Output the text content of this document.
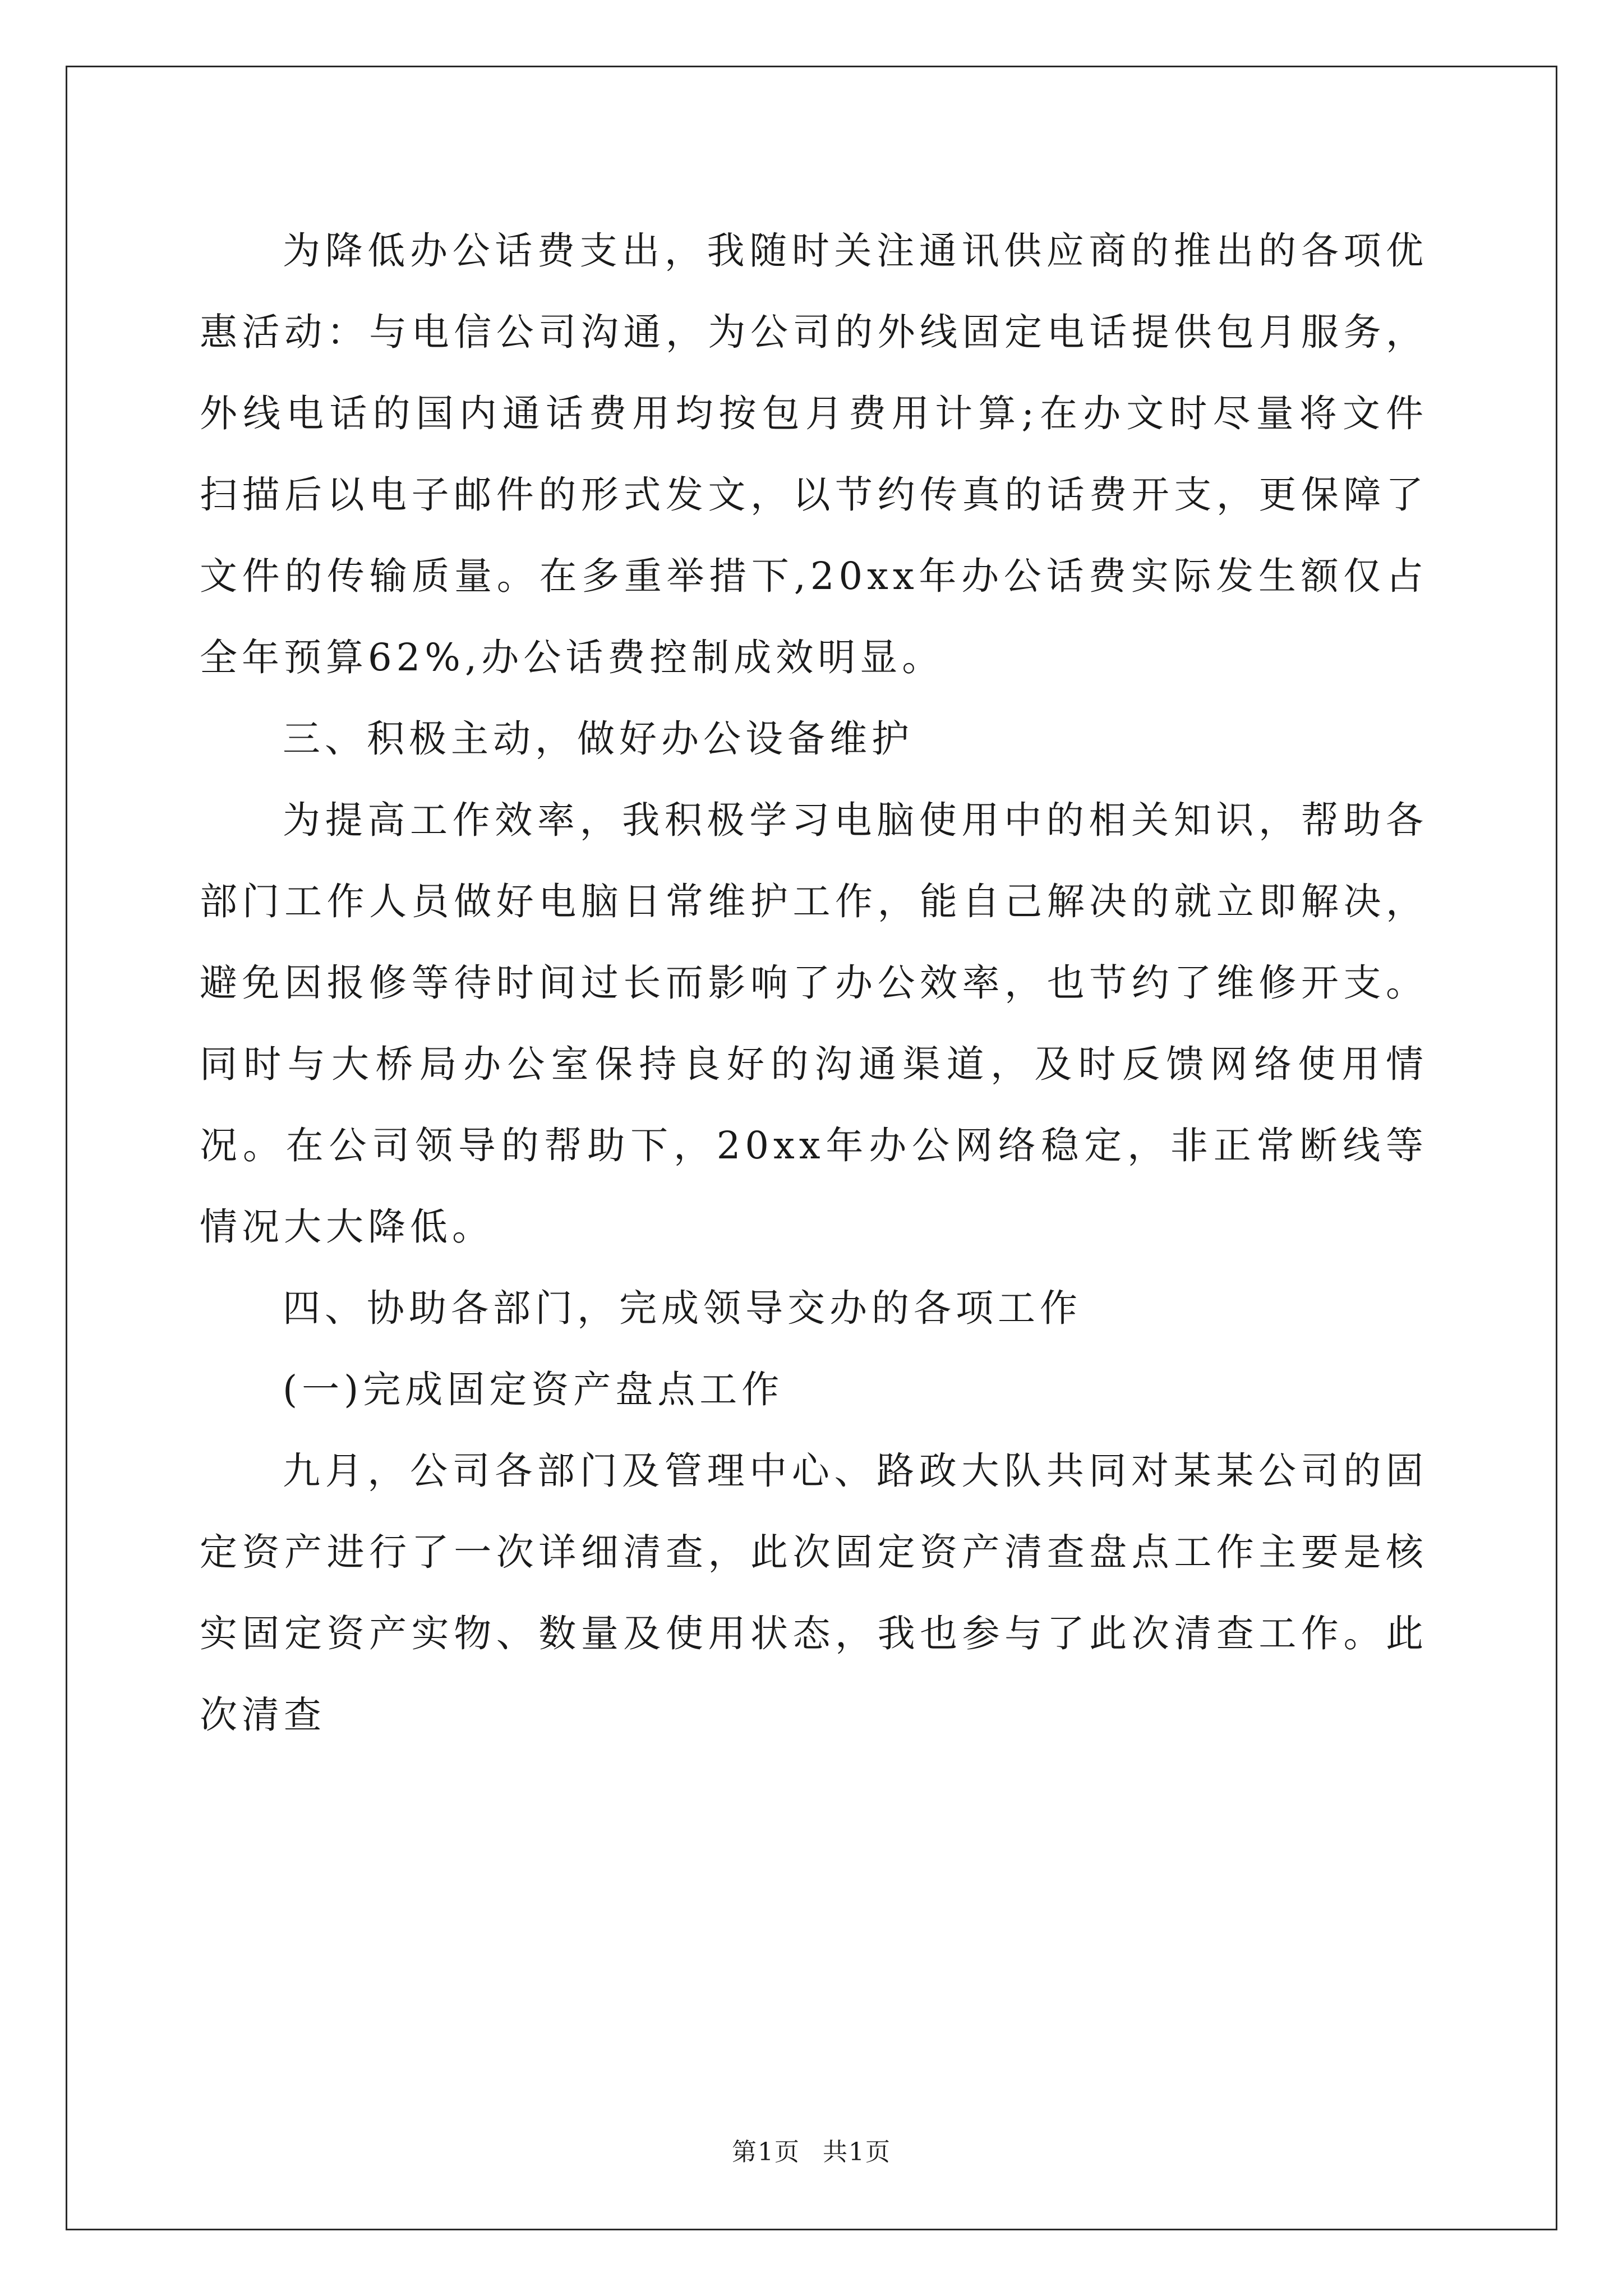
为降低办公话费支出，我随时关注通讯供应商的推出的各项优惠活动：与电信公司沟通，为公司的外线固定电话提供包月服务，外线电话的国内通话费用均按包月费用计算;在办文时尽量将文件扫描后以电子邮件的形式发文，以节约传真的话费开支，更保障了文件的传输质量。在多重举措下,20xx年办公话费实际发生额仅占全年预算62%,办公话费控制成效明显。

三、积极主动，做好办公设备维护

为提高工作效率，我积极学习电脑使用中的相关知识，帮助各部门工作人员做好电脑日常维护工作，能自己解决的就立即解决，避免因报修等待时间过长而影响了办公效率，也节约了维修开支。同时与大桥局办公室保持良好的沟通渠道，及时反馈网络使用情况。在公司领导的帮助下，20xx年办公网络稳定，非正常断线等情况大大降低。

四、协助各部门，完成领导交办的各项工作

(一)完成固定资产盘点工作

九月，公司各部门及管理中心、路政大队共同对某某公司的固定资产进行了一次详细清查，此次固定资产清查盘点工作主要是核实固定资产实物、数量及使用状态，我也参与了此次清查工作。此次清查

第1页 共1页
